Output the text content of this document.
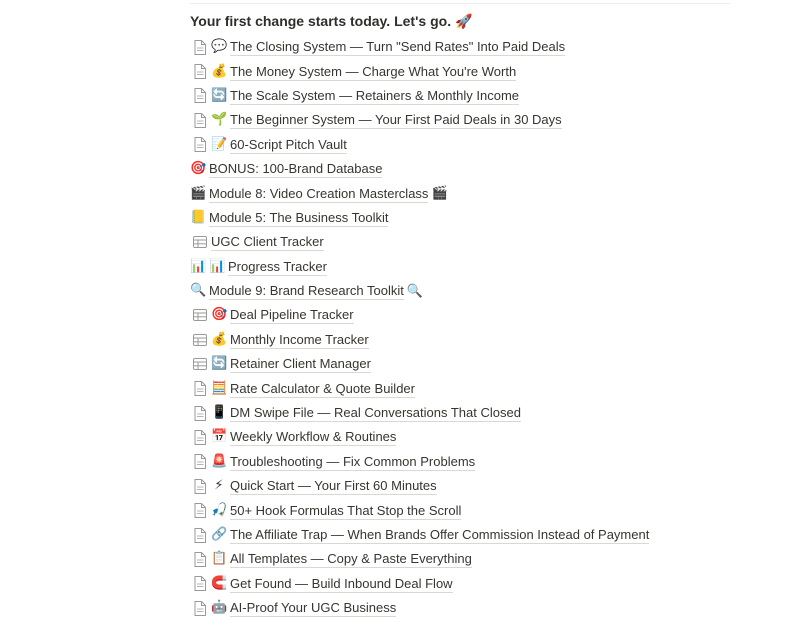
Your first change starts today. Let's go. 🚀
💬 The Closing System — Turn "Send Rates" Into Paid Deals
💰 The Money System — Charge What You're Worth
🔄 The Scale System — Retainers & Monthly Income
🌱 The Beginner System — Your First Paid Deals in 30 Days
📝 60-Script Pitch Vault
🎯 BONUS: 100-Brand Database
🎬 Module 8: Video Creation Masterclass 🎬
📒 Module 5: The Business Toolkit
UGC Client Tracker
📊 📊 Progress Tracker
🔍 Module 9: Brand Research Toolkit 🔍
🎯 Deal Pipeline Tracker
💰 Monthly Income Tracker
🔄 Retainer Client Manager
🧮 Rate Calculator & Quote Builder
📱 DM Swipe File — Real Conversations That Closed
📅 Weekly Workflow & Routines
🚨 Troubleshooting — Fix Common Problems
⚡ Quick Start — Your First 60 Minutes
🎣 50+ Hook Formulas That Stop the Scroll
🔗 The Affiliate Trap — When Brands Offer Commission Instead of Payment
📋 All Templates — Copy & Paste Everything
🧲 Get Found — Build Inbound Deal Flow
🤖 AI-Proof Your UGC Business
